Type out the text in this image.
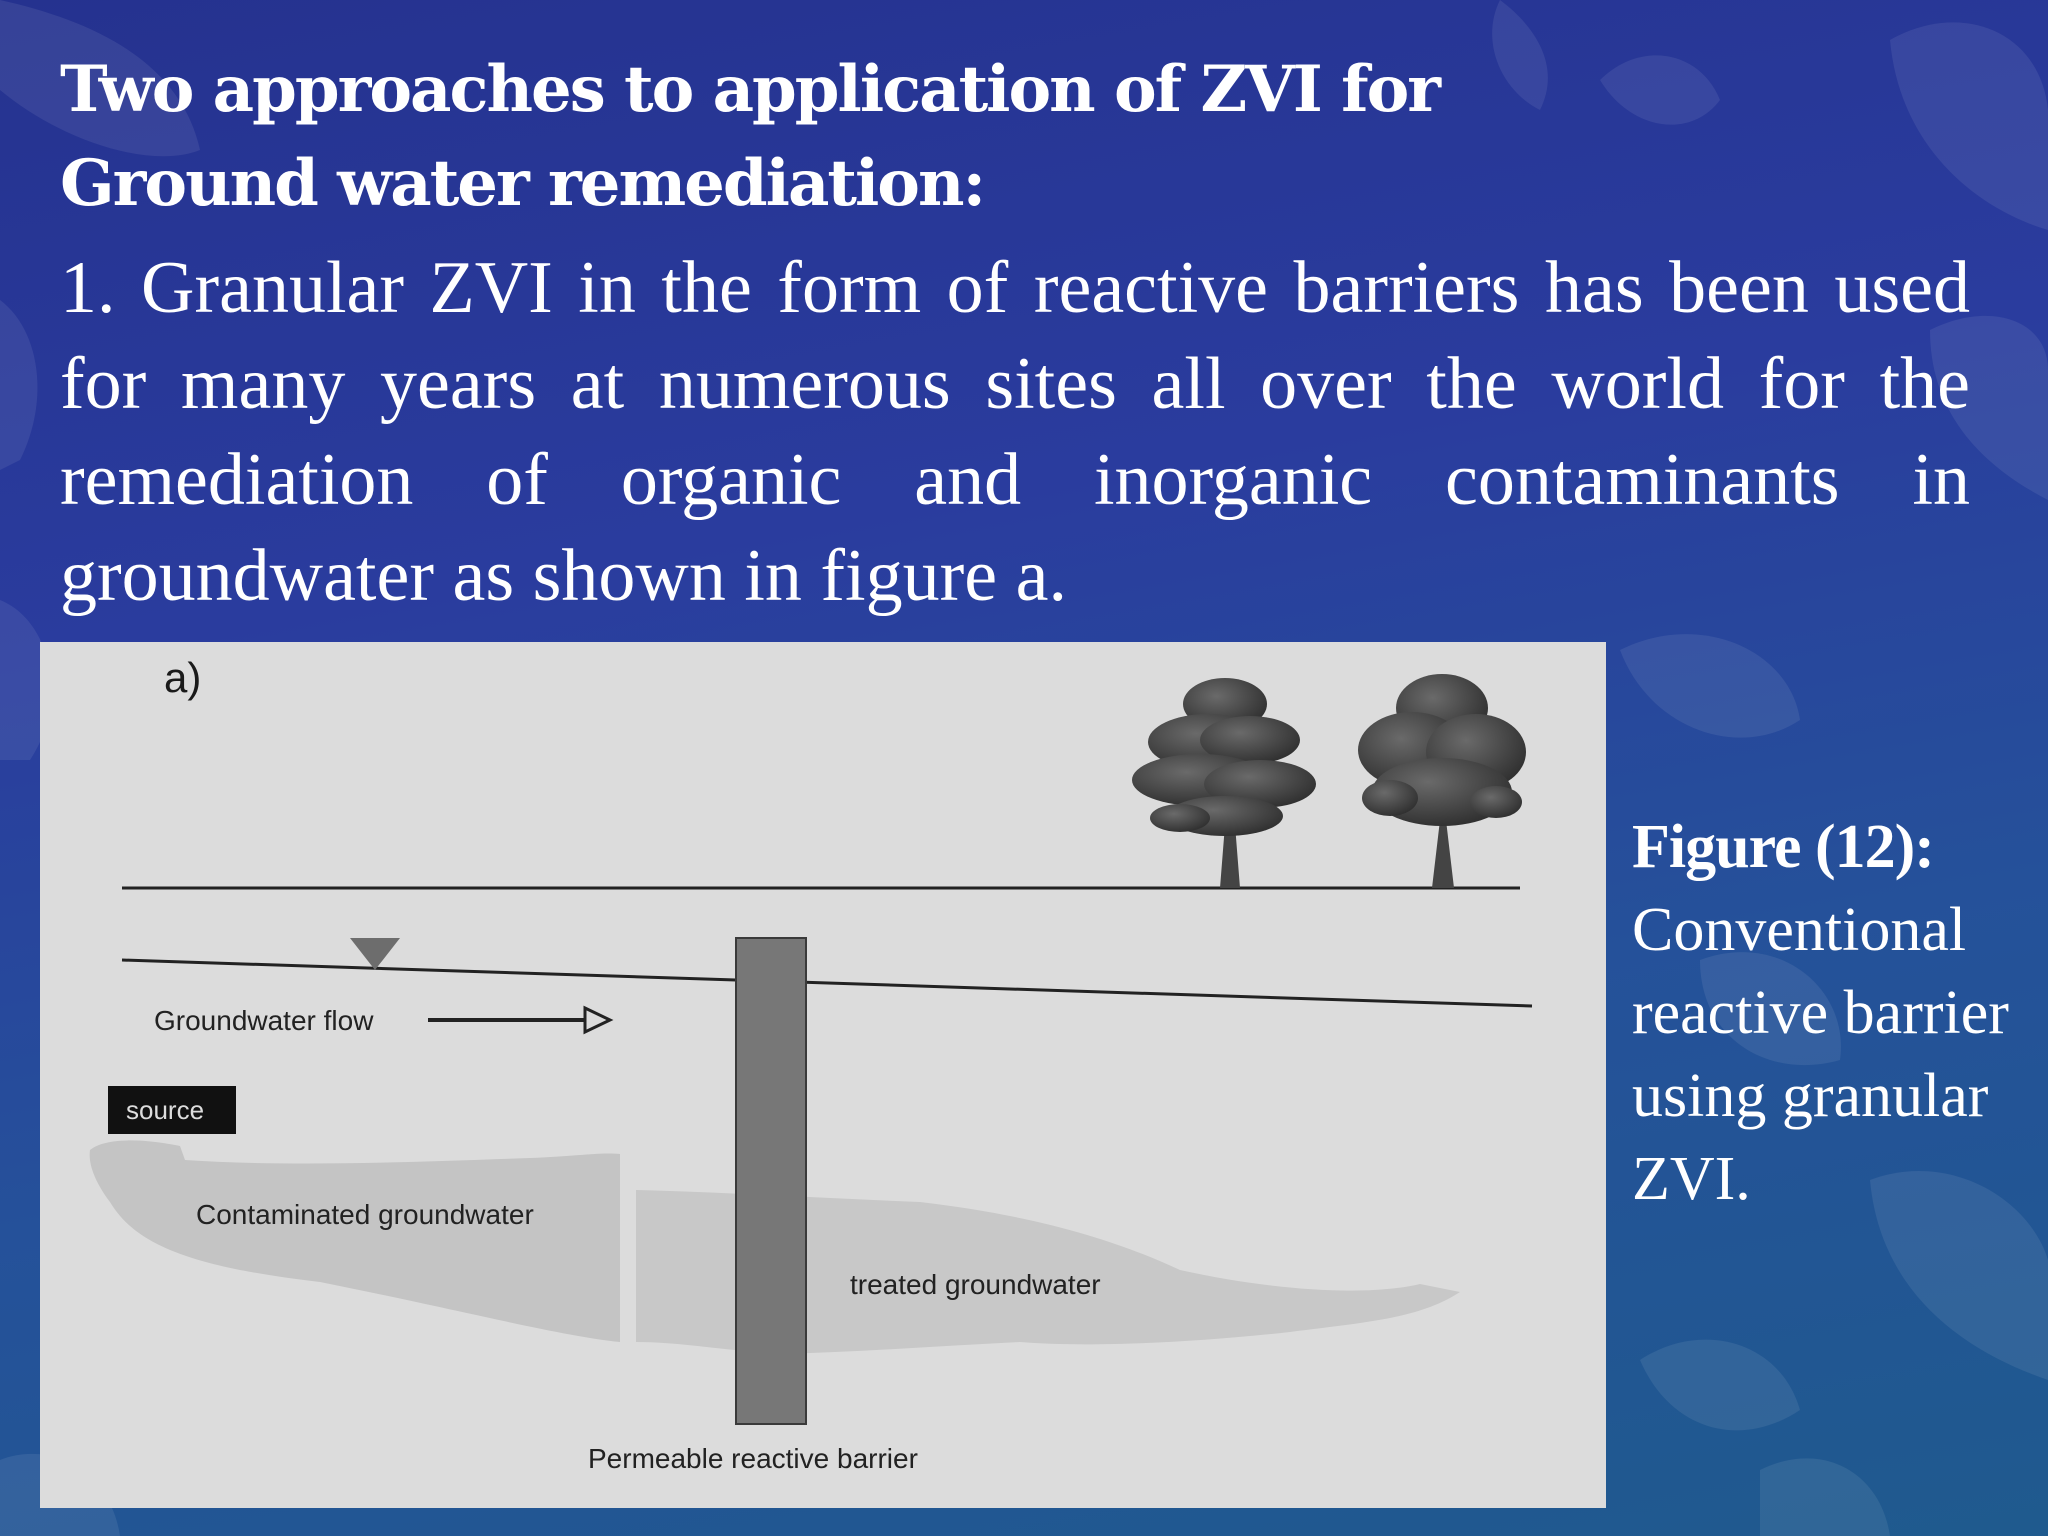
Two approaches to application of ZVI for
Ground water remediation:
1. Granular ZVI in the form of reactive barriers has been used for many years at numerous sites all over the world for the remediation of organic and inorganic contaminants in groundwater as shown in figure a.
a)
Groundwater flow
source
Contaminated groundwater
treated groundwater
Permeable reactive barrier
Figure (12):
Conventional reactive barrier using granular ZVI.
